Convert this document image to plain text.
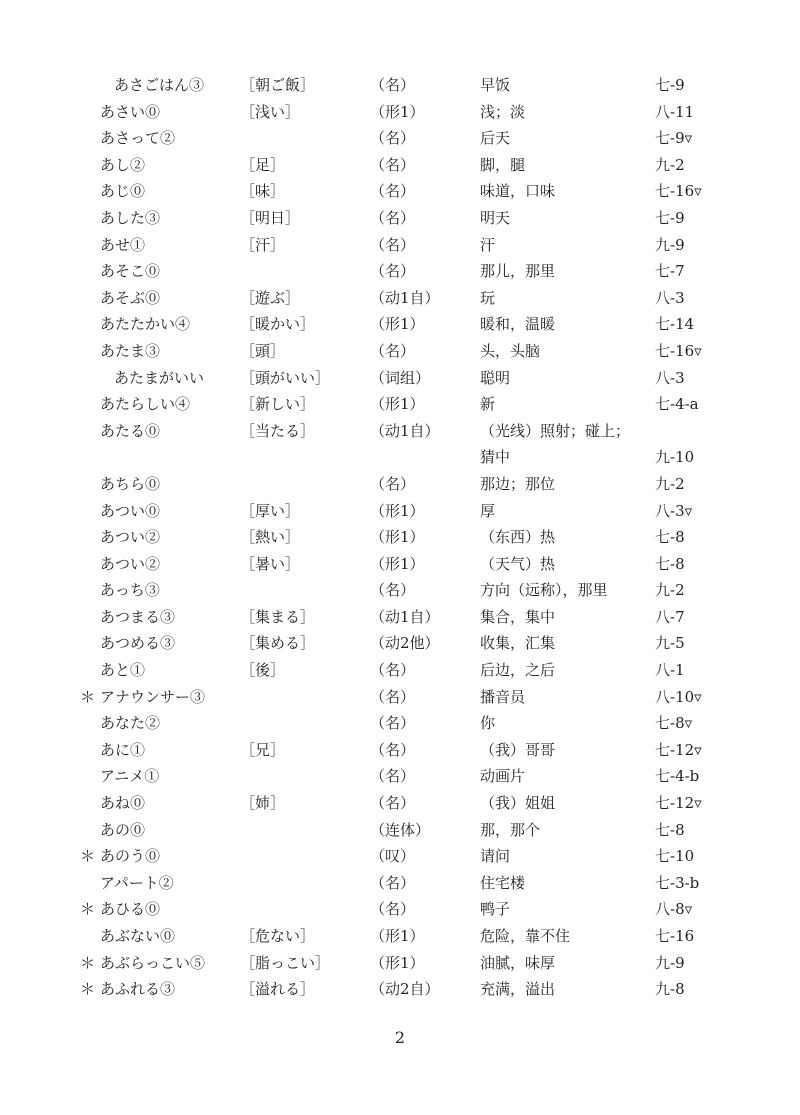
あさごはん③ ［朝ご飯］	（名）	早饭	七-9
あさい⓪	［浅い］	（形1）	浅；淡	八-11
あさって②	（名）	后天	七-9▿
あし②	［足］	（名）	脚，腿	九-2
あじ⓪	［味］	（名）	味道，口味	七-16▿
あした③	［明日］	（名）	明天	七-9
あせ①	［汗］	（名）	汗	九-9
あそこ⓪	（名）	那儿，那里	七-7
あそぶ⓪	［遊ぶ］	（动1自）	玩	八-3
あたたかい④	［暖かい］	（形1）	暖和，温暖	七-14
あたま③	［頭］	（名）	头，头脑	七-16▿
あたまがいい ［頭がいい］	（词组）	聪明	八-3
あたらしい④	［新しい］	（形1）	新	七-4-a
あたる⓪	［当たる］	（动1自）	（光线）照射；碰上；
猜中	九-10
あちら⓪	（名）	那边；那位	九-2
あつい⓪	［厚い］	（形1）	厚	八-3▿
あつい②	［熱い］	（形1）	（东西）热	七-8
あつい②	［暑い］	（形1）	（天气）热	七-8
あっち③	（名）	方向（远称），那里	九-2
あつまる③	［集まる］	（动1自）	集合，集中	八-7
あつめる③	［集める］	（动2他）	收集，汇集	九-5
あと①	［後］	（名）	后边，之后	八-1
＊ アナウンサー③	（名）	播音员	八-10▿
あなた②	（名）	你	七-8▿
あに①	［兄］	（名）	（我）哥哥	七-12▿
アニメ①	（名）	动画片	七-4-b
あね⓪	［姉］	（名）	（我）姐姐	七-12▿
あの⓪	（连体）	那，那个	七-8
＊ あのう⓪	（叹）	请问	七-10
アパート②	（名）	住宅楼	七-3-b
＊ あひる⓪	（名）	鸭子	八-8▿
あぶない⓪	［危ない］	（形1）	危险，靠不住	七-16
＊ あぶらっこい⑤ ［脂っこい］	（形1）	油腻，味厚	九-9
＊ あふれる③	［溢れる］	（动2自）	充满，溢出	九-8
2
